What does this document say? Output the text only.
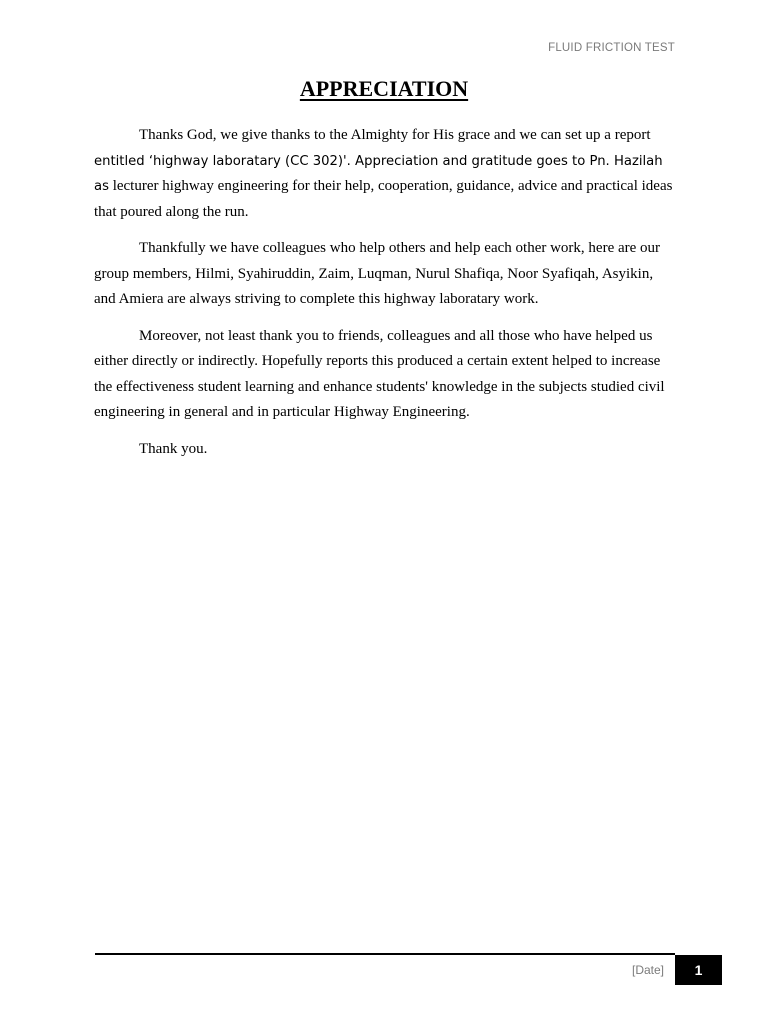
FLUID FRICTION TEST
APPRECIATION

Thanks God, we give thanks to the Almighty for His grace and we can set up a report entitled ‘highway laboratary (CC 302)'. Appreciation and gratitude goes to Pn. Hazilah as lecturer highway engineering for their help, cooperation, guidance, advice and practical ideas that poured along the run.

Thankfully we have colleagues who help others and help each other work, here are our group members, Hilmi, Syahiruddin, Zaim, Luqman, Nurul Shafiqa, Noor Syafiqah, Asyikin, and Amiera are always striving to complete this highway laboratary work.

Moreover, not least thank you to friends, colleagues and all those who have helped us either directly or indirectly. Hopefully reports this produced a certain extent helped to increase the effectiveness student learning and enhance students' knowledge in the subjects studied civil engineering in general and in particular Highway Engineering.

Thank you.

[Date]	1
